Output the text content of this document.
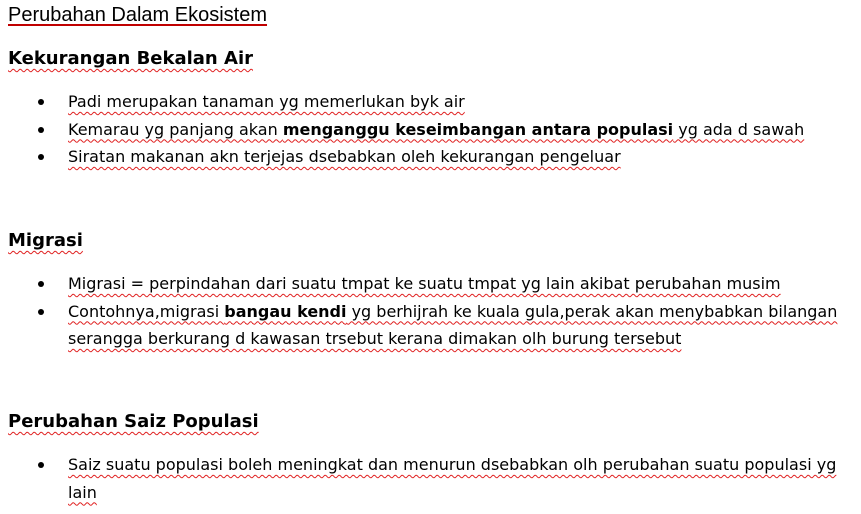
Perubahan Dalam Ekosistem
Kekurangan Bekalan Air
Padi merupakan tanaman yg memerlukan byk air
Kemarau yg panjang akan menganggu keseimbangan antara populasi yg ada d sawah
Siratan makanan akn terjejas dsebabkan oleh kekurangan pengeluar
Migrasi
Migrasi = perpindahan dari suatu tmpat ke suatu tmpat yg lain akibat perubahan musim
Contohnya,migrasi bangau kendi yg berhijrah ke kuala gula,perak akan menybabkan bilangan serangga berkurang d kawasan trsebut kerana dimakan olh burung tersebut
Perubahan Saiz Populasi
Saiz suatu populasi boleh meningkat dan menurun dsebabkan olh perubahan suatu populasi yg lain
